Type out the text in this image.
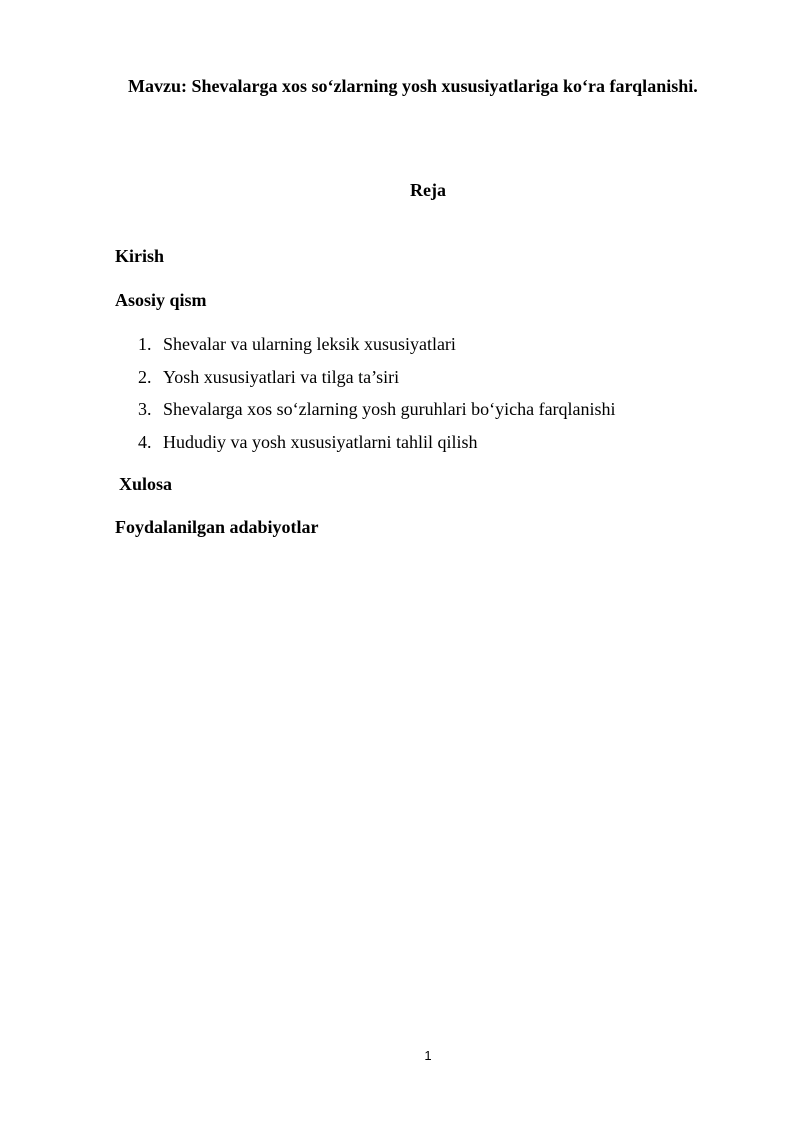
Mavzu: Shevalarga xos so‘zlarning yosh xususiyatlariga ko‘ra farqlanishi.
Reja
Kirish
Asosiy qism
1. Shevalar va ularning leksik xususiyatlari
2. Yosh xususiyatlari va tilga ta’siri
3. Shevalarga xos so‘zlarning yosh guruhlari bo‘yicha farqlanishi
4. Hududiy va yosh xususiyatlarni tahlil qilish
Xulosa
Foydalanilgan adabiyotlar
1
